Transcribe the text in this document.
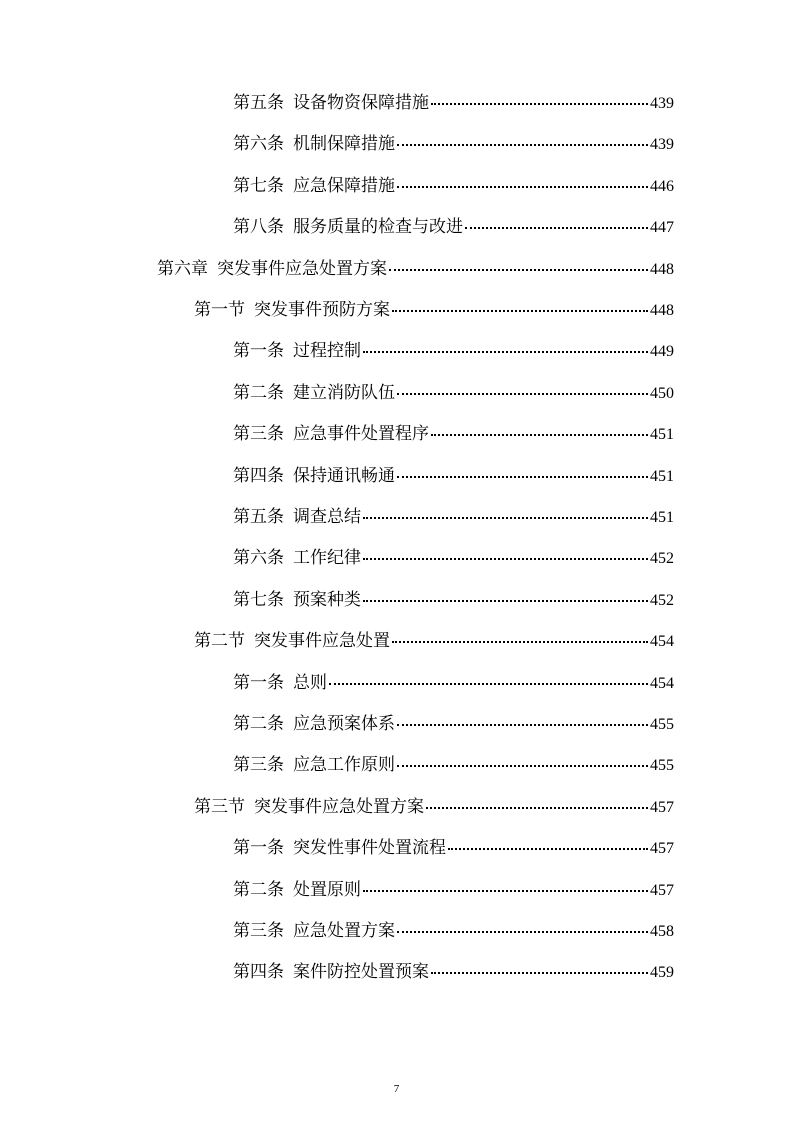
第五条 设备物资保障措施	439
第六条 机制保障措施	439
第七条 应急保障措施	446
第八条 服务质量的检查与改进	447
第六章 突发事件应急处置方案	448
第一节 突发事件预防方案	448
第一条 过程控制	449
第二条 建立消防队伍	450
第三条 应急事件处置程序	451
第四条 保持通讯畅通	451
第五条 调查总结	451
第六条 工作纪律	452
第七条 预案种类	452
第二节 突发事件应急处置	454
第一条 总则	454
第二条 应急预案体系	455
第三条 应急工作原则	455
第三节 突发事件应急处置方案	457
第一条 突发性事件处置流程	457
第二条 处置原则	457
第三条 应急处置方案	458
第四条 案件防控处置预案	459
7
